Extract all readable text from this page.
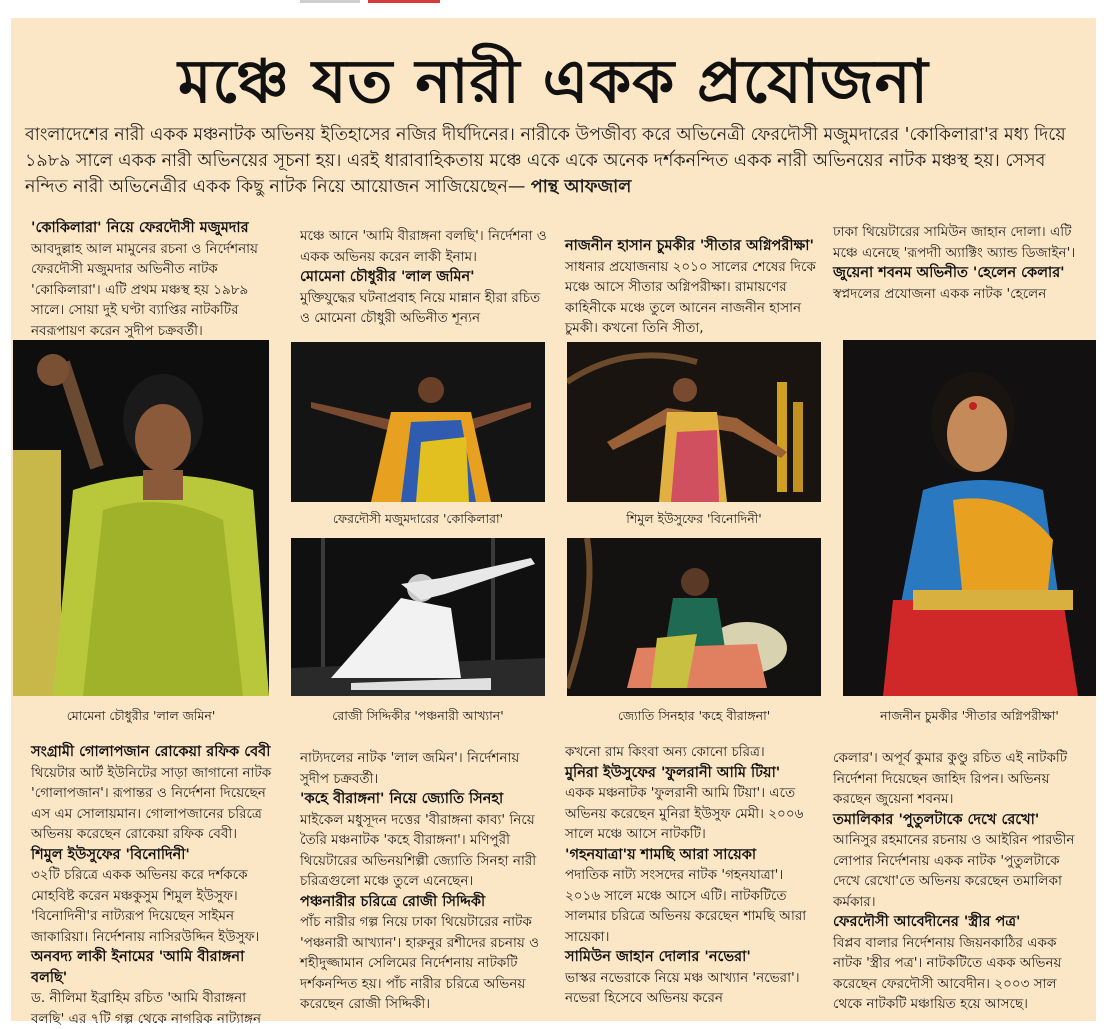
মঞ্চে যত নারী একক প্রযোজনা
বাংলাদেশের নারী একক মঞ্চনাটক অভিনয় ইতিহাসের নজির দীর্ঘদিনের। নারীকে উপজীব্য করে অভিনেত্রী ফেরদৌসী মজুমদারের 'কোকিলারা'র মধ্য দিয়ে ১৯৮৯ সালে একক নারী অভিনয়ের সূচনা হয়। এরই ধারাবাহিকতায় মঞ্চে একে একে অনেক দর্শকনন্দিত একক নারী অভিনয়ের নাটক মঞ্চস্থ হয়। সেসব নন্দিত নারী অভিনেত্রীর একক কিছু নাটক নিয়ে আয়োজন সাজিয়েছেন— পান্থ আফজাল

'কোকিলারা' নিয়ে ফেরদৌসী মজুমদার

আবদুল্লাহ আল মামুনের রচনা ও নির্দেশনায় ফেরদৌসী মজুমদার অভিনীত নাটক 'কোকিলারা'। এটি প্রথম মঞ্চস্থ হয় ১৯৮৯ সালে। সোয়া দুই ঘণ্টা ব্যাপ্তির নাটকটির নবরূপায়ণ করেন সুদীপ চক্রবর্তী।

মঞ্চে আনে 'আমি বীরাঙ্গনা বলছি'। নির্দেশনা ও একক অভিনয় করেন লাকী ইনাম।

মোমেনা চৌধুরীর 'লাল জমিন'

মুক্তিযুদ্ধের ঘটনাপ্রবাহ নিয়ে মান্নান হীরা রচিত ও মোমেনা চৌধুরী অভিনীত শূন্যন

নাজনীন হাসান চুমকীর 'সীতার অগ্নিপরীক্ষা'

সাধনার প্রযোজনায় ২০১০ সালের শেষের দিকে মঞ্চে আসে সীতার অগ্নিপরীক্ষা। রামায়ণের কাহিনীকে মঞ্চে তুলে আনেন নাজনীন হাসান চুমকী। কখনো তিনি সীতা,

ঢাকা থিয়েটারের সামিউন জাহান দোলা। এটি মঞ্চে এনেছে 'রূপদাী অ্যাক্টিং অ্যান্ড ডিজাইন'।

জুয়েনা শবনম অভিনীত 'হেলেন কেলার'

স্বপ্নদলের প্রযোজনা একক নাটক 'হেলেন

মোমেনা চৌধুরীর 'লাল জমিন'
ফেরদৌসী মজুমদারের 'কোকিলারা'	শিমুল ইউসুফের 'বিনোদিনী'
রোজী সিদ্দিকীর 'পঞ্চনারী আখ্যান'	জ্যোতি সিনহার 'কহে বীরাঙ্গনা'	নাজনীন চুমকীর 'সীতার অগ্নিপরীক্ষা'

সংগ্রামী গোলাপজান রোকেয়া রফিক বেবী

থিয়েটার আর্ট ইউনিটের সাড়া জাগানো নাটক 'গোলাপজান'। রূপান্তর ও নির্দেশনা দিয়েছেন এস এম সোলায়মান। গোলাপজানের চরিত্রে অভিনয় করেছেন রোকেয়া রফিক বেবী।

শিমুল ইউসুফের 'বিনোদিনী'

৩২টি চরিত্রে একক অভিনয় করে দর্শককে মোহবিষ্ট করেন মঞ্চকুসুম শিমুল ইউসুফ। 'বিনোদিনী'র নাট্যরূপ দিয়েছেন সাইমন জাকারিয়া। নির্দেশনায় নাসিরউদ্দিন ইউসুফ।

অনবদ্য লাকী ইনামের 'আমি বীরাঙ্গনা বলছি'

ড. নীলিমা ইব্রাহিম রচিত 'আমি বীরাঙ্গনা বলছি' এর ৭টি গল্প থেকে নাগরিক নাট্যাঙ্গন

নাট্যদলের নাটক 'লাল জমিন'। নির্দেশনায় সুদীপ চক্রবর্তী।

'কহে বীরাঙ্গনা' নিয়ে জ্যোতি সিনহা

মাইকেল মধুসূদন দত্তের 'বীরাঙ্গনা কাব্য' নিয়ে তৈরি মঞ্চনাটক 'কহে বীরাঙ্গনা'। মণিপুরী থিয়েটারের অভিনয়শিল্পী জ্যোতি সিনহা নারী চরিত্রগুলো মঞ্চে তুলে এনেছেন।

পঞ্চনারীর চরিত্রে রোজী সিদ্দিকী

পাঁচ নারীর গল্প নিয়ে ঢাকা থিয়েটারের নাটক 'পঞ্চনারী আখ্যান'। হারুনুর রশীদের রচনায় ও শহীদুজ্জামান সেলিমের নির্দেশনায় নাটকটি দর্শকনন্দিত হয়। পাঁচ নারীর চরিত্রে অভিনয় করেছেন রোজী সিদ্দিকী।

কখনো রাম কিংবা অন্য কোনো চরিত্র।

মুনিরা ইউসুফের 'ফুলরানী আমি টিয়া'

একক মঞ্চনাটক 'ফুলরানী আমি টিয়া'। এতে অভিনয় করেছেন মুনিরা ইউসুফ মেমী। ২০০৬ সালে মঞ্চে আসে নাটকটি।

'গহনযাত্রা'য় শামছি আরা সায়েকা

পদাতিক নাট্য সংসদের নাটক 'গহনযাত্রা'। ২০১৬ সালে মঞ্চে আসে এটি। নাটকটিতে সালমার চরিত্রে অভিনয় করেছেন শামছি আরা সায়েকা।

সামিউন জাহান দোলার 'নভেরা'

ভাস্কর নভেরাকে নিয়ে মঞ্চ আখ্যান 'নভেরা'। নভেরা হিসেবে অভিনয় করেন

কেলার'। অপূর্ব কুমার কুণ্ডু রচিত এই নাটকটি নির্দেশনা দিয়েছেন জাহিদ রিপন। অভিনয় করছেন জুয়েনা শবনম।

তমালিকার 'পুতুলটাকে দেখে রেখো'

আনিসুর রহমানের রচনায় ও আইরিন পারভীন লোপার নির্দেশনায় একক নাটক 'পুতুলটাকে দেখে রেখো'তে অভিনয় করেছেন তমালিকা কর্মকার।

ফেরদৌসী আবেদীনের 'স্ত্রীর পত্র'

বিপ্লব বালার নির্দেশনায় জিয়নকাঠির একক নাটক 'স্ত্রীর পত্র'। নাটকটিতে একক অভিনয় করেছেন ফেরদৌসী আবেদীন। ২০০৩ সাল থেকে নাটকটি মঞ্চায়িত হয়ে আসছে।
